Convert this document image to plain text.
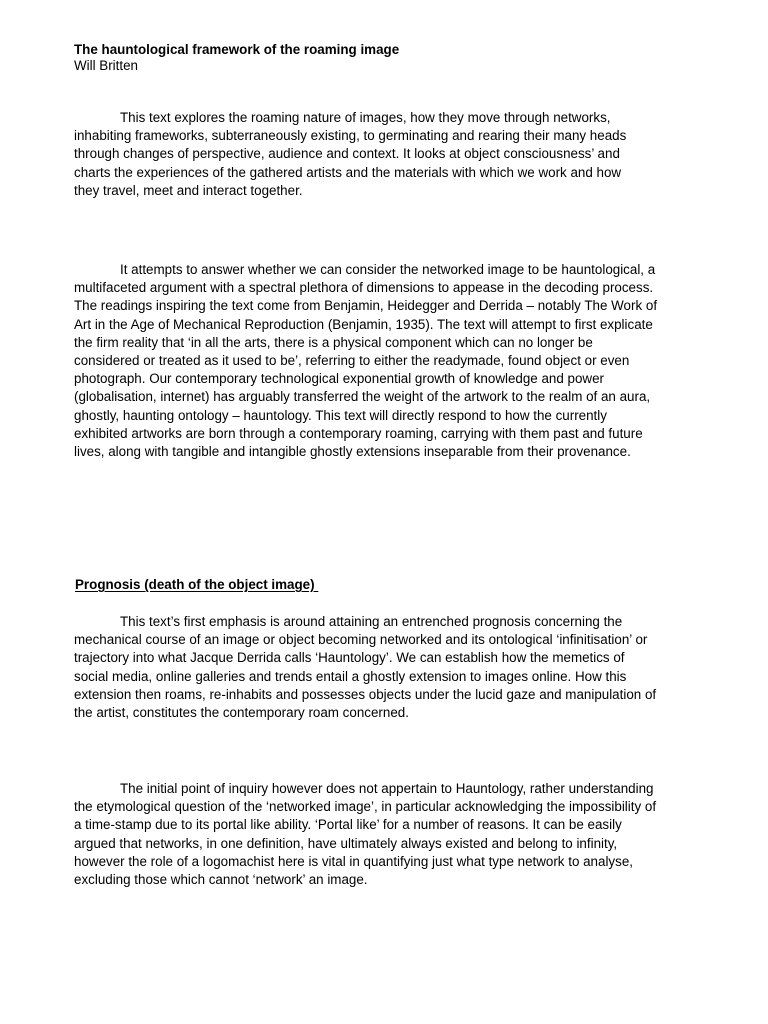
The hauntological framework of the roaming image
Will Britten

This text explores the roaming nature of images, how they move through networks,
inhabiting frameworks, subterraneously existing, to germinating and rearing their many heads
through changes of perspective, audience and context. It looks at object consciousness’ and
charts the experiences of the gathered artists and the materials with which we work and how
they travel, meet and interact together.

It attempts to answer whether we can consider the networked image to be hauntological, a
multifaceted argument with a spectral plethora of dimensions to appease in the decoding process.
The readings inspiring the text come from Benjamin, Heidegger and Derrida – notably The Work of
Art in the Age of Mechanical Reproduction (Benjamin, 1935). The text will attempt to first explicate
the firm reality that ‘in all the arts, there is a physical component which can no longer be
considered or treated as it used to be’, referring to either the readymade, found object or even
photograph. Our contemporary technological exponential growth of knowledge and power
(globalisation, internet) has arguably transferred the weight of the artwork to the realm of an aura,
ghostly, haunting ontology – hauntology. This text will directly respond to how the currently
exhibited artworks are born through a contemporary roaming, carrying with them past and future
lives, along with tangible and intangible ghostly extensions inseparable from their provenance.

Prognosis (death of the object image)

This text’s first emphasis is around attaining an entrenched prognosis concerning the
mechanical course of an image or object becoming networked and its ontological ‘infinitisation’ or
trajectory into what Jacque Derrida calls ‘Hauntology’. We can establish how the memetics of
social media, online galleries and trends entail a ghostly extension to images online. How this
extension then roams, re-inhabits and possesses objects under the lucid gaze and manipulation of
the artist, constitutes the contemporary roam concerned.

The initial point of inquiry however does not appertain to Hauntology, rather understanding
the etymological question of the ‘networked image’, in particular acknowledging the impossibility of
a time-stamp due to its portal like ability. ‘Portal like’ for a number of reasons. It can be easily
argued that networks, in one definition, have ultimately always existed and belong to infinity,
however the role of a logomachist here is vital in quantifying just what type network to analyse,
excluding those which cannot ‘network’ an image.
